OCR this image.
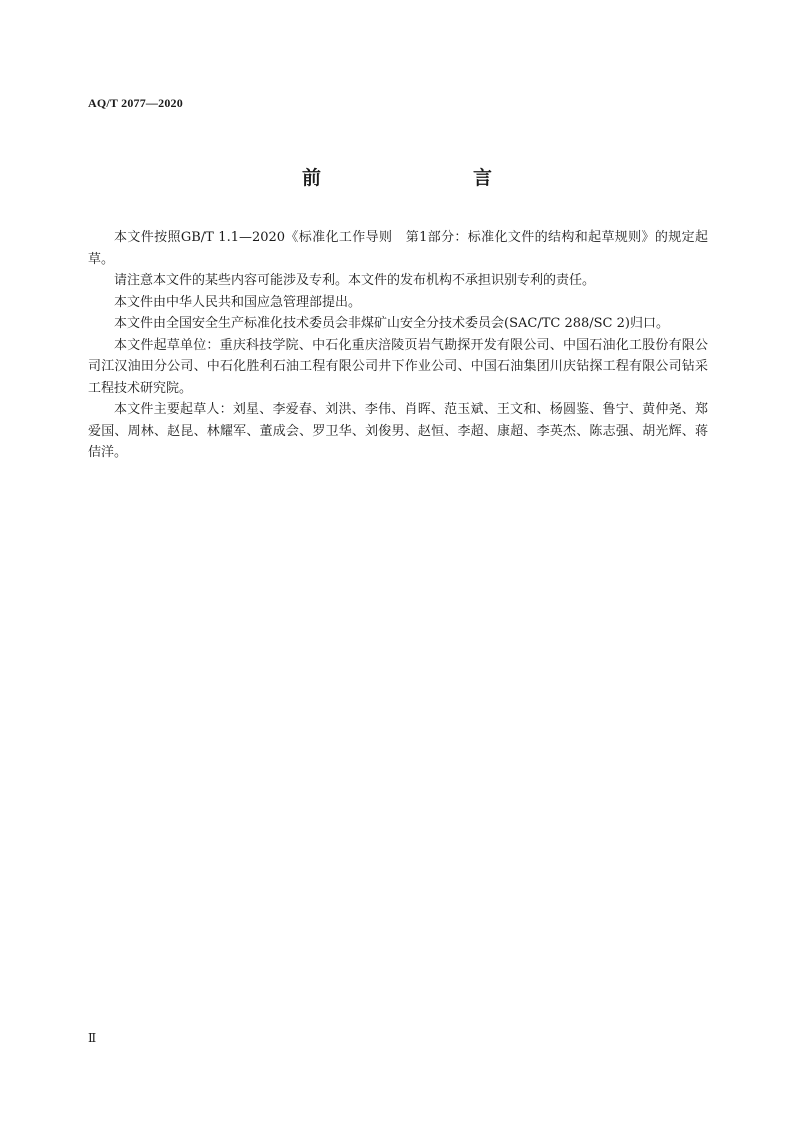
AQ/T 2077—2020
前　　言

本文件按照GB/T 1.1—2020《标准化工作导则　第1部分：标准化文件的结构和起草规则》的规定起草。

请注意本文件的某些内容可能涉及专利。本文件的发布机构不承担识别专利的责任。

本文件由中华人民共和国应急管理部提出。

本文件由全国安全生产标准化技术委员会非煤矿山安全分技术委员会(SAC/TC 288/SC 2)归口。

本文件起草单位：重庆科技学院、中石化重庆涪陵页岩气勘探开发有限公司、中国石油化工股份有限公司江汉油田分公司、中石化胜利石油工程有限公司井下作业公司、中国石油集团川庆钻探工程有限公司钻采工程技术研究院。

本文件主要起草人：刘星、李爱春、刘洪、李伟、肖晖、范玉斌、王文和、杨圆鉴、鲁宁、黄仲尧、郑爱国、周林、赵昆、林耀军、董成会、罗卫华、刘俊男、赵恒、李超、康超、李英杰、陈志强、胡光辉、蒋佶洋。

Ⅱ
